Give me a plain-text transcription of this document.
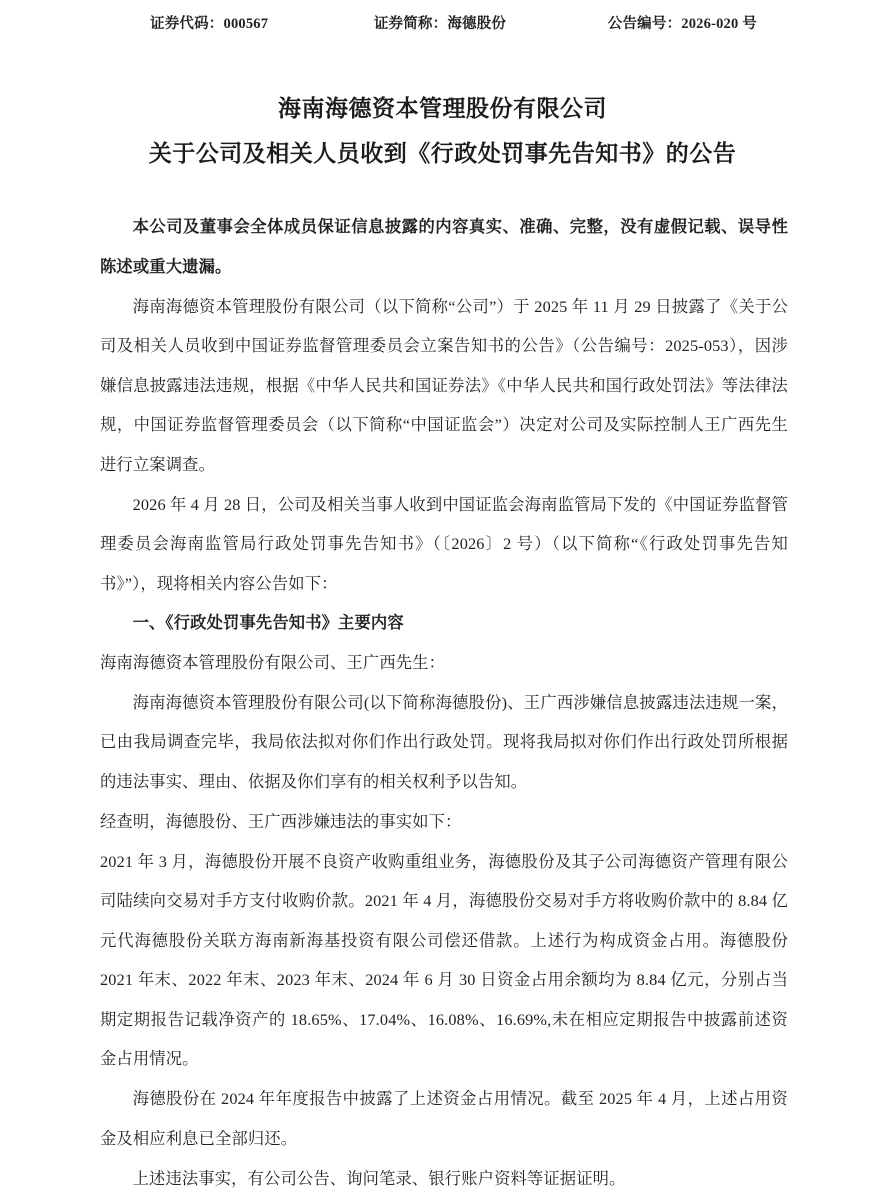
证券代码：000567	证券简称：海德股份	公告编号：2026-020 号
海南海德资本管理股份有限公司
关于公司及相关人员收到《行政处罚事先告知书》的公告

本公司及董事会全体成员保证信息披露的内容真实、准确、完整，没有虚假记载、误导性陈述或重大遗漏。

海南海德资本管理股份有限公司（以下简称“公司”）于 2025 年 11 月 29 日披露了《关于公司及相关人员收到中国证券监督管理委员会立案告知书的公告》（公告编号：2025-053），因涉嫌信息披露违法违规，根据《中华人民共和国证券法》《中华人民共和国行政处罚法》等法律法规，中国证券监督管理委员会（以下简称“中国证监会”）决定对公司及实际控制人王广西先生进行立案调查。

2026 年 4 月 28 日，公司及相关当事人收到中国证监会海南监管局下发的《中国证券监督管理委员会海南监管局行政处罚事先告知书》（〔2026〕2 号）（以下简称“《行政处罚事先告知书》”），现将相关内容公告如下：

一、《行政处罚事先告知书》主要内容

海南海德资本管理股份有限公司、王广西先生：

海南海德资本管理股份有限公司(以下简称海德股份)、王广西涉嫌信息披露违法违规一案，已由我局调查完毕，我局依法拟对你们作出行政处罚。现将我局拟对你们作出行政处罚所根据的违法事实、理由、依据及你们享有的相关权利予以告知。

经查明，海德股份、王广西涉嫌违法的事实如下：

2021 年 3 月，海德股份开展不良资产收购重组业务，海德股份及其子公司海德资产管理有限公司陆续向交易对手方支付收购价款。2021 年 4 月，海德股份交易对手方将收购价款中的 8.84 亿元代海德股份关联方海南新海基投资有限公司偿还借款。上述行为构成资金占用。海德股份 2021 年末、2022 年末、2023 年末、2024 年 6 月 30 日资金占用余额均为 8.84 亿元，分别占当期定期报告记载净资产的 18.65%、17.04%、16.08%、16.69%,未在相应定期报告中披露前述资金占用情况。

海德股份在 2024 年年度报告中披露了上述资金占用情况。截至 2025 年 4 月，上述占用资金及相应利息已全部归还。

上述违法事实，有公司公告、询问笔录、银行账户资料等证据证明。
